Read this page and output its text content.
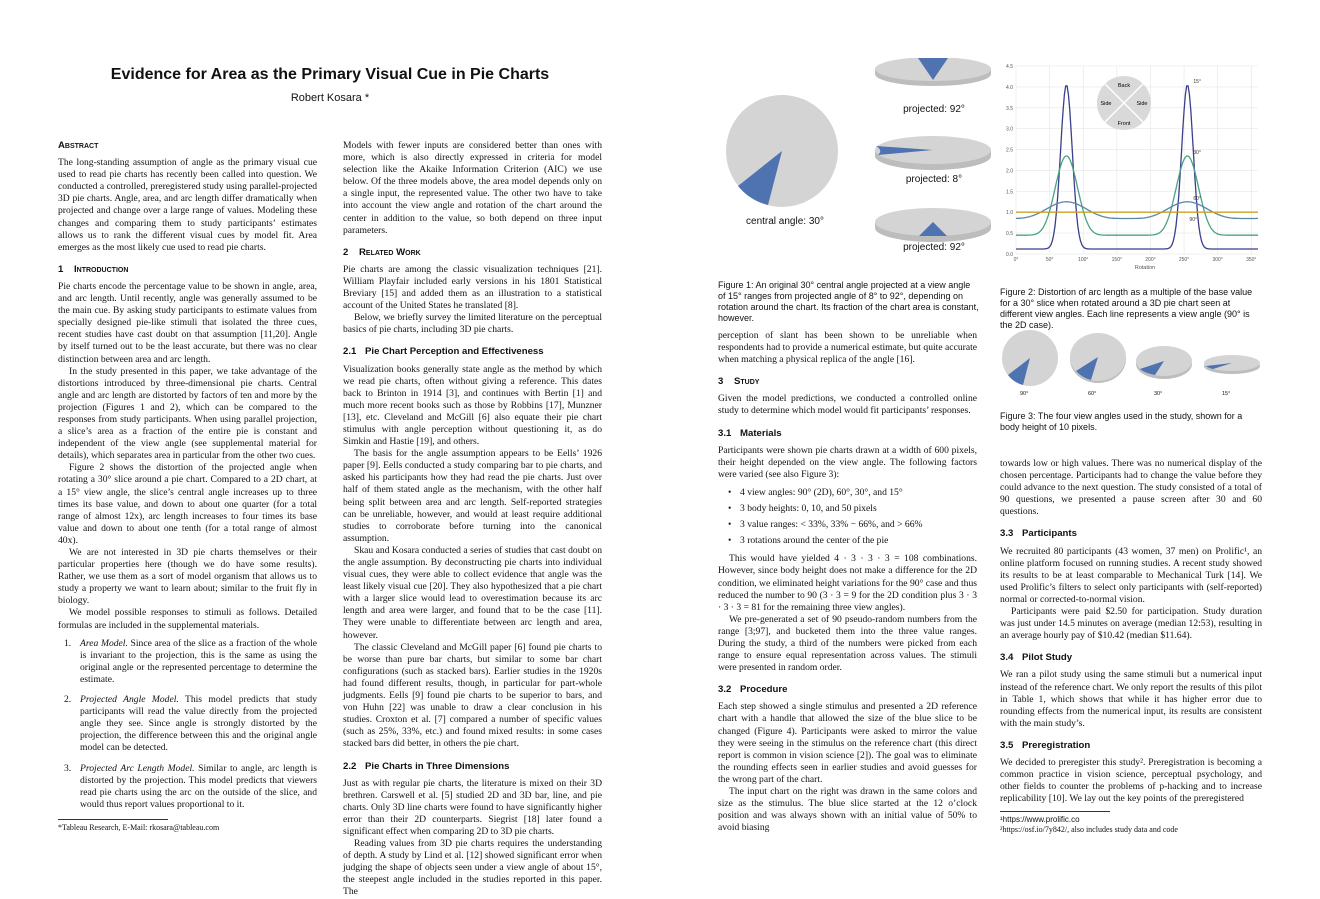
Evidence for Area as the Primary Visual Cue in Pie Charts
Robert Kosara *
Abstract

The long-standing assumption of angle as the primary visual cue used to read pie charts has recently been called into question. We conducted a controlled, preregistered study using parallel-projected 3D pie charts. Angle, area, and arc length differ dramatically when projected and change over a large range of values. Modeling these changes and comparing them to study participants’ estimates allows us to rank the different visual cues by model fit. Area emerges as the most likely cue used to read pie charts.

1 Introduction

Pie charts encode the percentage value to be shown in angle, area, and arc length. Until recently, angle was generally assumed to be the main cue. By asking study participants to estimate values from specially designed pie-like stimuli that isolated the three cues, recent studies have cast doubt on that assumption [11,20]. Angle by itself turned out to be the least accurate, but there was no clear distinction between area and arc length.

In the study presented in this paper, we take advantage of the distortions introduced by three-dimensional pie charts. Central angle and arc length are distorted by factors of ten and more by the projection (Figures 1 and 2), which can be compared to the responses from study participants. When using parallel projection, a slice’s area as a fraction of the entire pie is constant and independent of the view angle (see supplemental material for details), which separates area in particular from the other two cues.

Figure 2 shows the distortion of the projected angle when rotating a 30° slice around a pie chart. Compared to a 2D chart, at a 15° view angle, the slice’s central angle increases up to three times its base value, and down to about one quarter (for a total range of almost 12x), arc length increases to four times its base value and down to about one tenth (for a total range of almost 40x).

We are not interested in 3D pie charts themselves or their particular properties here (though we do have some results). Rather, we use them as a sort of model organism that allows us to study a property we want to learn about; similar to the fruit fly in biology.

We model possible responses to stimuli as follows. Detailed formulas are included in the supplemental materials.

1. Area Model. Since area of the slice as a fraction of the whole is invariant to the projection, this is the same as using the original angle or the represented percentage to determine the estimate.
2. Projected Angle Model. This model predicts that study participants will read the value directly from the projected angle they see. Since angle is strongly distorted by the projection, the difference between this and the original angle model can be detected.
3. Projected Arc Length Model. Similar to angle, arc length is distorted by the projection. This model predicts that viewers read pie charts using the arc on the outside of the slice, and would thus report values proportional to it.
*Tableau Research, E-Mail: rkosara@tableau.com

Models with fewer inputs are considered better than ones with more, which is also directly expressed in criteria for model selection like the Akaike Information Criterion (AIC) we use below. Of the three models above, the area model depends only on a single input, the represented value. The other two have to take into account the view angle and rotation of the chart around the center in addition to the value, so both depend on three input parameters.

2 Related Work

Pie charts are among the classic visualization techniques [21]. William Playfair included early versions in his 1801 Statistical Breviary [15] and added them as an illustration to a statistical account of the United States he translated [8].

Below, we briefly survey the limited literature on the perceptual basics of pie charts, including 3D pie charts.

2.1 Pie Chart Perception and Effectiveness

Visualization books generally state angle as the method by which we read pie charts, often without giving a reference. This dates back to Brinton in 1914 [3], and continues with Bertin [1] and much more recent books such as those by Robbins [17], Munzner [13], etc. Cleveland and McGill [6] also equate their pie chart stimulus with angle perception without questioning it, as do Simkin and Hastie [19], and others.

The basis for the angle assumption appears to be Eells’ 1926 paper [9]. Eells conducted a study comparing bar to pie charts, and asked his participants how they had read the pie charts. Just over half of them stated angle as the mechanism, with the other half being split between area and arc length. Self-reported strategies can be unreliable, however, and would at least require additional studies to corroborate before turning into the canonical assumption.

Skau and Kosara conducted a series of studies that cast doubt on the angle assumption. By deconstructing pie charts into individual visual cues, they were able to collect evidence that angle was the least likely visual cue [20]. They also hypothesized that a pie chart with a larger slice would lead to overestimation because its arc length and area were larger, and found that to be the case [11]. They were unable to differentiate between arc length and area, however.

The classic Cleveland and McGill paper [6] found pie charts to be worse than pure bar charts, but similar to some bar chart configurations (such as stacked bars). Earlier studies in the 1920s had found different results, though, in particular for part-whole judgments. Eells [9] found pie charts to be superior to bars, and von Huhn [22] was unable to draw a clear conclusion in his studies. Croxton et al. [7] compared a number of specific values (such as 25%, 33%, etc.) and found mixed results: in some cases stacked bars did better, in others the pie chart.

2.2 Pie Charts in Three Dimensions

Just as with regular pie charts, the literature is mixed on their 3D brethren. Carswell et al. [5] studied 2D and 3D bar, line, and pie charts. Only 3D line charts were found to have significantly higher error than their 2D counterparts. Siegrist [18] later found a significant effect when comparing 2D to 3D pie charts.

Reading values from 3D pie charts requires the understanding of depth. A study by Lind et al. [12] showed significant error when judging the shape of objects seen under a view angle of about 15°, the steepest angle included in the studies reported in this paper. The

central angle: 30°
projected: 92°
projected: 8°
projected: 92°
Figure 1: An original 30° central angle projected at a view angle of 15° ranges from projected angle of 8° to 92°, depending on rotation around the chart. Its fraction of the chart area is constant, however.
0.0
0.5
1.0
1.5
2.0
2.5
3.0
3.5
4.0
4.5
0°	50°	100°	150°	200°	250°	300°	350°
15°
30°
60°
90°
Back
Front
Side	Side
Rotation
Figure 2: Distortion of arc length as a multiple of the base value for a 30° slice when rotated around a 3D pie chart seen at different view angles. Each line represents a view angle (90° is the 2D case).
90°	60°	30°	15°
Figure 3: The four view angles used in the study, shown for a body height of 10 pixels.

perception of slant has been shown to be unreliable when respondents had to provide a numerical estimate, but quite accurate when matching a physical replica of the angle [16].

3 Study

Given the model predictions, we conducted a controlled online study to determine which model would fit participants’ responses.

3.1 Materials

Participants were shown pie charts drawn at a width of 600 pixels, their height depended on the view angle. The following factors were varied (see also Figure 3):

• 4 view angles: 90° (2D), 60°, 30°, and 15°
• 3 body heights: 0, 10, and 50 pixels
• 3 value ranges: < 33%, 33% − 66%, and > 66%
• 3 rotations around the center of the pie

This would have yielded 4 · 3 · 3 · 3 = 108 combinations. However, since body height does not make a difference for the 2D condition, we eliminated height variations for the 90° case and thus reduced the number to 90 (3 · 3 = 9 for the 2D condition plus 3 · 3 · 3 · 3 = 81 for the remaining three view angles).

We pre-generated a set of 90 pseudo-random numbers from the range [3;97], and bucketed them into the three value ranges. During the study, a third of the numbers were picked from each range to ensure equal representation across values. The stimuli were presented in random order.

3.2 Procedure

Each step showed a single stimulus and presented a 2D reference chart with a handle that allowed the size of the blue slice to be changed (Figure 4). Participants were asked to mirror the value they were seeing in the stimulus on the reference chart (this direct report is common in vision science [2]). The goal was to eliminate the rounding effects seen in earlier studies and avoid guesses for the wrong part of the chart.

The input chart on the right was drawn in the same colors and size as the stimulus. The blue slice started at the 12 o’clock position and was always shown with an initial value of 50% to avoid biasing

towards low or high values. There was no numerical display of the chosen percentage. Participants had to change the value before they could advance to the next question. The study consisted of a total of 90 questions, we presented a pause screen after 30 and 60 questions.

3.3 Participants

We recruited 80 participants (43 women, 37 men) on Prolific¹, an online platform focused on running studies. A recent study showed its results to be at least comparable to Mechanical Turk [14]. We used Prolific’s filters to select only participants with (self-reported) normal or corrected-to-normal vision.

Participants were paid $2.50 for participation. Study duration was just under 14.5 minutes on average (median 12:53), resulting in an average hourly pay of $10.42 (median $11.64).

3.4 Pilot Study

We ran a pilot study using the same stimuli but a numerical input instead of the reference chart. We only report the results of this pilot in Table 1, which shows that while it has higher error due to rounding effects from the numerical input, its results are consistent with the main study’s.

3.5 Preregistration

We decided to preregister this study². Preregistration is becoming a common practice in vision science, perceptual psychology, and other fields to counter the problems of p-hacking and to increase replicability [10]. We lay out the key points of the preregistered

¹https://www.prolific.co
²https://osf.io/7y842/, also includes study data and code
